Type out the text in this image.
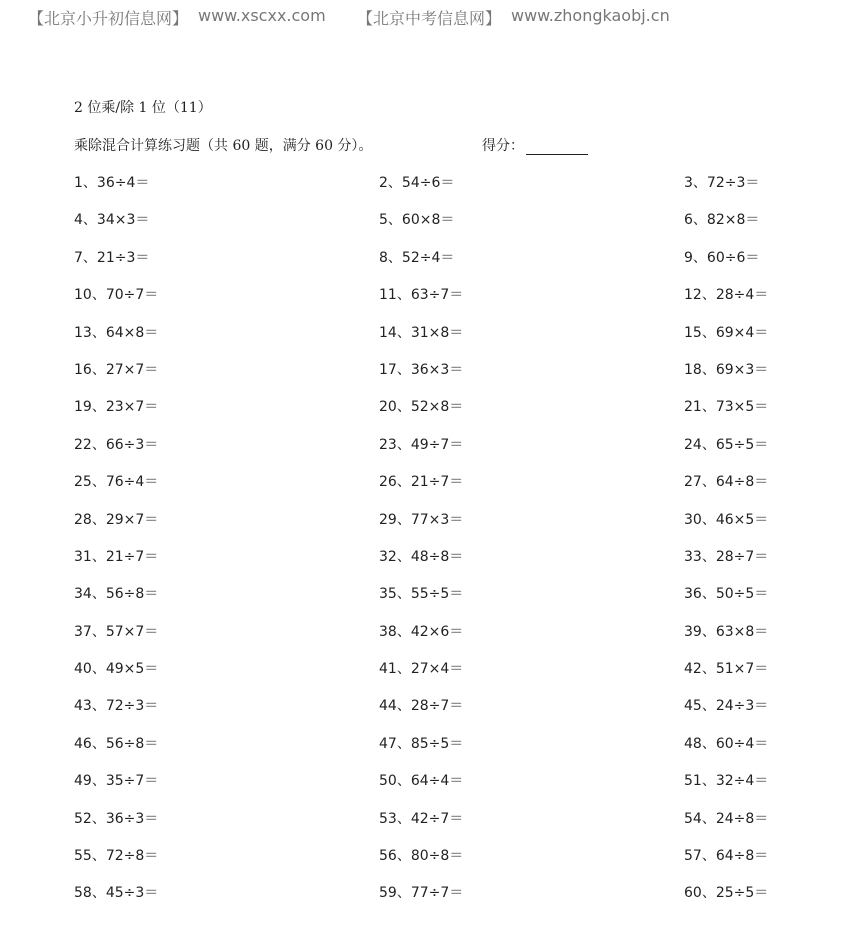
【北京小升初信息网】 www.xscxx.com 【北京中考信息网】 www.zhongkaobj.cn
2 位乘/除 1 位（11）
乘除混合计算练习题（共 60 题，满分 60 分）。	得分：
1、36÷4＝	2、54÷6＝	3、72÷3＝
4、34×3＝	5、60×8＝	6、82×8＝
7、21÷3＝	8、52÷4＝	9、60÷6＝
10、70÷7＝	11、63÷7＝	12、28÷4＝
13、64×8＝	14、31×8＝	15、69×4＝
16、27×7＝	17、36×3＝	18、69×3＝
19、23×7＝	20、52×8＝	21、73×5＝
22、66÷3＝	23、49÷7＝	24、65÷5＝
25、76÷4＝	26、21÷7＝	27、64÷8＝
28、29×7＝	29、77×3＝	30、46×5＝
31、21÷7＝	32、48÷8＝	33、28÷7＝
34、56÷8＝	35、55÷5＝	36、50÷5＝
37、57×7＝	38、42×6＝	39、63×8＝
40、49×5＝	41、27×4＝	42、51×7＝
43、72÷3＝	44、28÷7＝	45、24÷3＝
46、56÷8＝	47、85÷5＝	48、60÷4＝
49、35÷7＝	50、64÷4＝	51、32÷4＝
52、36÷3＝	53、42÷7＝	54、24÷8＝
55、72÷8＝	56、80÷8＝	57、64÷8＝
58、45÷3＝	59、77÷7＝	60、25÷5＝
